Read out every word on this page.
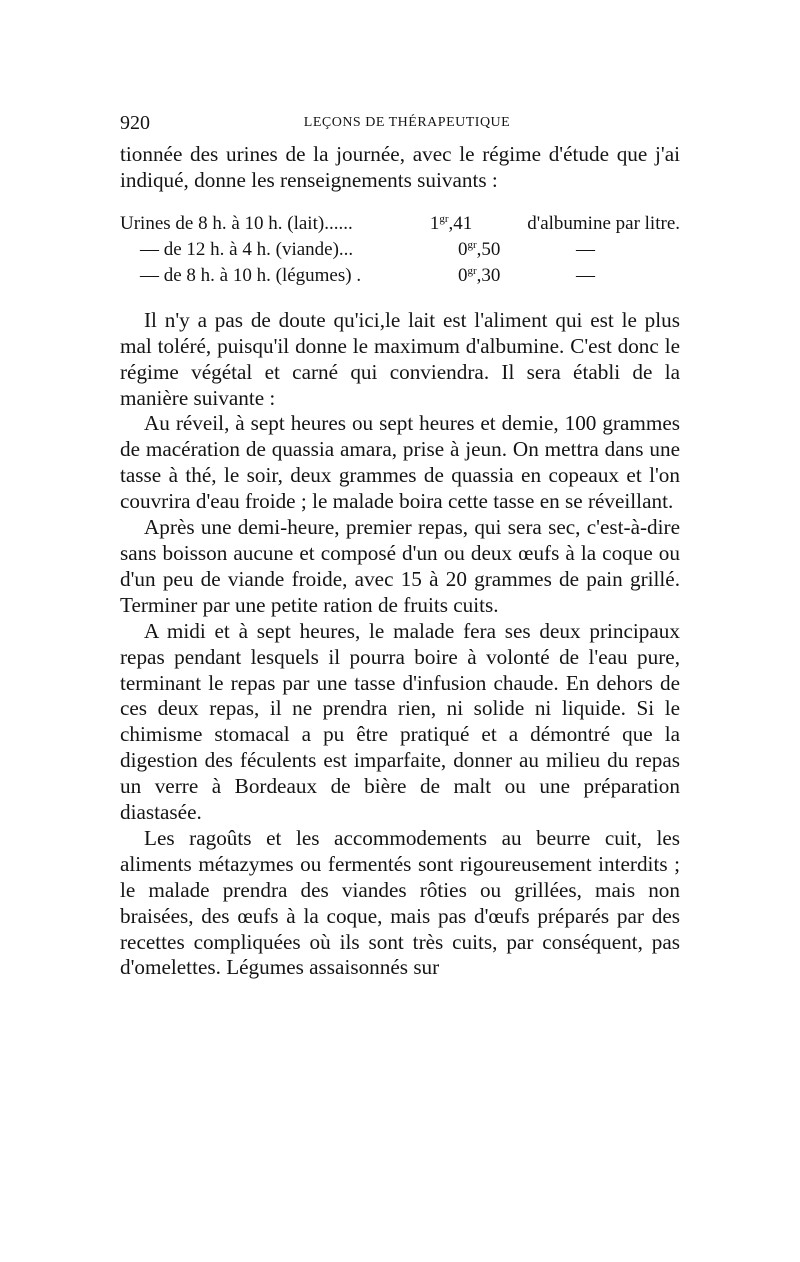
920	LEÇONS DE THÉRAPEUTIQUE

tionnée des urines de la journée, avec le régime d'étude que j'ai indiqué, donne les renseignements suivants :

Urines de 8 h. à 10 h. (lait)......	$1^{gr},41$	d'albumine par litre.
— de 12 h. à 4 h. (viande)...	$0^{gr},50$	—
— de 8 h. à 10 h. (légumes) .	$0^{gr},30$	—

Il n'y a pas de doute qu'ici,le lait est l'aliment qui est le plus mal toléré, puisqu'il donne le maximum d'albumine. C'est donc le régime végétal et carné qui conviendra. Il sera établi de la manière suivante :

Au réveil, à sept heures ou sept heures et demie, 100 grammes de macération de quassia amara, prise à jeun. On mettra dans une tasse à thé, le soir, deux grammes de quassia en copeaux et l'on couvrira d'eau froide ; le malade boira cette tasse en se réveillant.

Après une demi-heure, premier repas, qui sera sec, c'est-à-dire sans boisson aucune et composé d'un ou deux œufs à la coque ou d'un peu de viande froide, avec 15 à 20 grammes de pain grillé. Terminer par une petite ration de fruits cuits.

A midi et à sept heures, le malade fera ses deux principaux repas pendant lesquels il pourra boire à volonté de l'eau pure, terminant le repas par une tasse d'infusion chaude. En dehors de ces deux repas, il ne prendra rien, ni solide ni liquide. Si le chimisme stomacal a pu être pratiqué et a démontré que la digestion des féculents est imparfaite, donner au milieu du repas un verre à Bordeaux de bière de malt ou une préparation diastasée.

Les ragoûts et les accommodements au beurre cuit, les aliments métazymes ou fermentés sont rigoureusement interdits ; le malade prendra des viandes rôties ou grillées, mais non braisées, des œufs à la coque, mais pas d'œufs préparés par des recettes compliquées où ils sont très cuits, par conséquent, pas d'omelettes. Légumes assaisonnés sur
